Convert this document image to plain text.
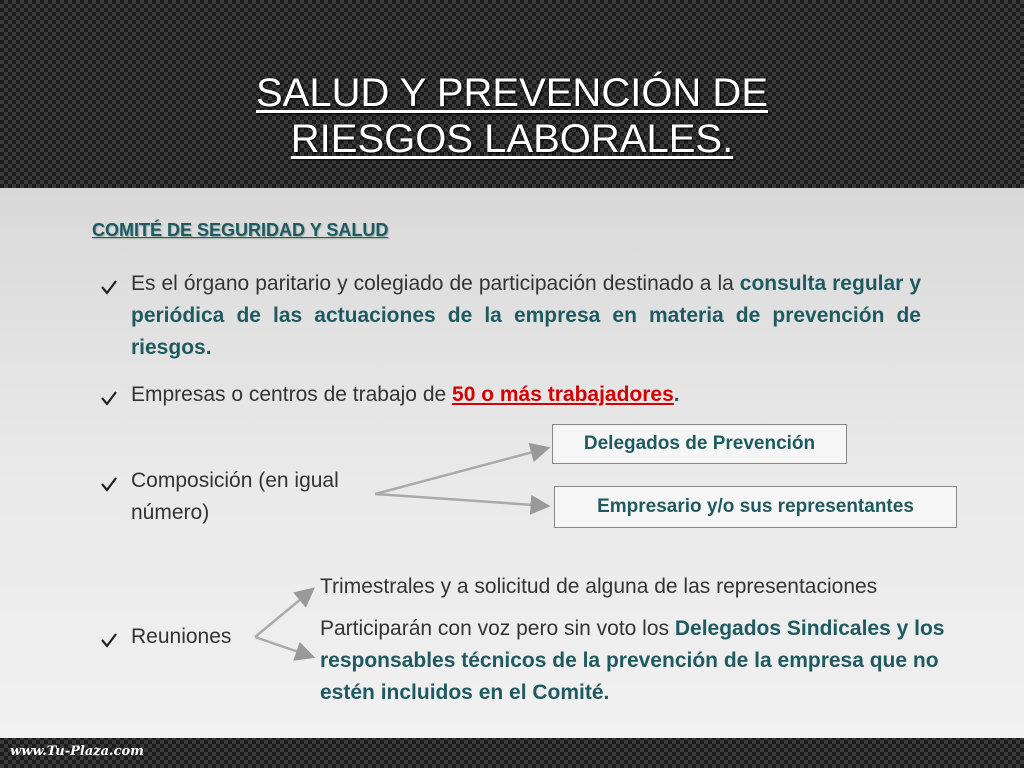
SALUD Y PREVENCIÓN DE
RIESGOS LABORALES.
COMITÉ DE SEGURIDAD Y SALUD
Es el órgano paritario y colegiado de participación destinado a la consulta regular y periódica de las actuaciones de la empresa en materia de prevención de riesgos.
Empresas o centros de trabajo de 50 o más trabajadores.
Composición (en igual número)
Delegados de Prevención
Empresario y/o sus representantes
Reuniones
Trimestrales y a solicitud de alguna de las representaciones
Participarán con voz pero sin voto los Delegados Sindicales y los responsables técnicos de la prevención de la empresa que no estén incluidos en el Comité.
www.Tu-Plaza.com
